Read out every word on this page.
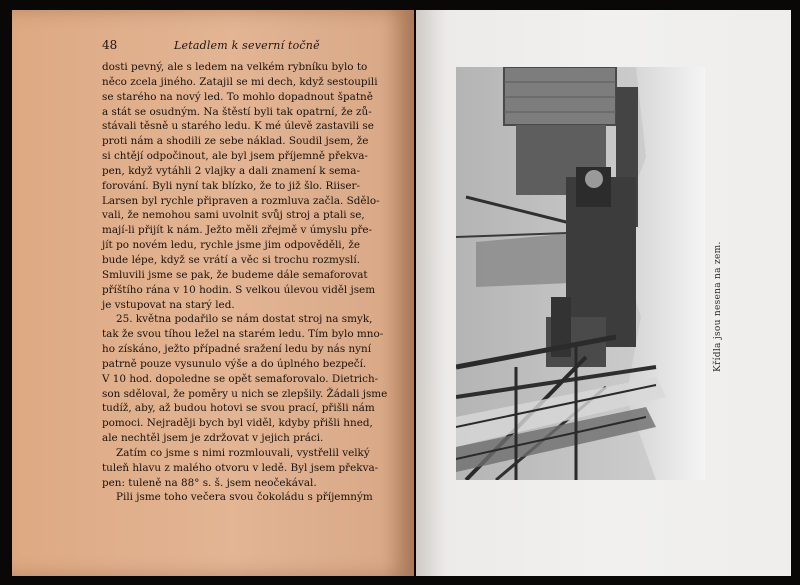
48	Letadlem k severní točně
dosti pevný, ale s ledem na velkém rybníku bylo to
něco zcela jiného. Zatajil se mi dech, když sestoupili
se starého na nový led. To mohlo dopadnout špatně
a stát se osudným. Na štěstí byli tak opatrní, že zů-
stávali těsně u starého ledu. K mé úlevě zastavili se
proti nám a shodili ze sebe náklad. Soudil jsem, že
si chtějí odpočinout, ale byl jsem příjemně překva-
pen, když vytáhli 2 vlajky a dali znamení k sema-
forování. Byli nyní tak blízko, že to již šlo. Riiser-
Larsen byl rychle připraven a rozmluva začla. Sdělo-
vali, že nemohou sami uvolnit svůj stroj a ptali se,
mají-li přijít k nám. Ježto měli zřejmě v úmyslu pře-
jít po novém ledu, rychle jsme jim odpověděli, že
bude lépe, když se vrátí a věc si trochu rozmyslí.
Smluvili jsme se pak, že budeme dále semaforovat
příštího rána v 10 hodin. S velkou úlevou viděl jsem
je vstupovat na starý led.
25. května podařilo se nám dostat stroj na smyk,
tak že svou tíhou ležel na starém ledu. Tím bylo mno-
ho získáno, ježto případné sražení ledu by nás nyní
patrně pouze vysunulo výše a do úplného bezpečí.
V 10 hod. dopoledne se opět semaforovalo. Dietrich-
son sděloval, že poměry u nich se zlepšily. Žádali jsme
tudíž, aby, až budou hotovi se svou prací, přišli nám
pomoci. Nejraději bych byl viděl, kdyby přišli hned,
ale nechtěl jsem je zdržovat v jejich práci.
Zatím co jsme s nimi rozmlouvali, vystřelil velký
tuleň hlavu z malého otvoru v ledě. Byl jsem překva-
pen: tuleně na 88° s. š. jsem neočekával.
Pili jsme toho večera svou čokoládu s příjemným
Křídla jsou nesena na zem.
